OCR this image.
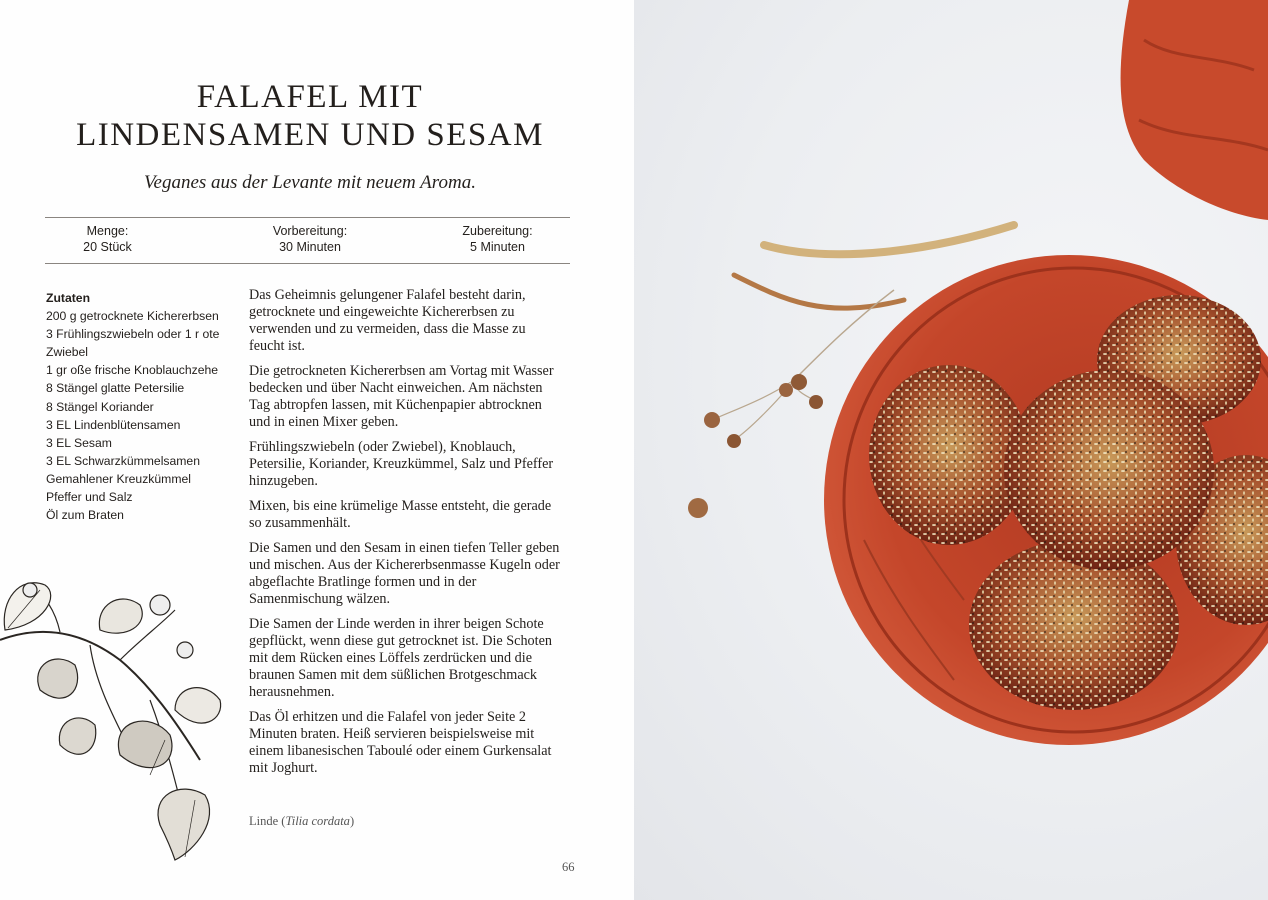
FALAFEL MIT
LINDENSAMEN UND SESAM
Veganes aus der Levante mit neuem Aroma.
Menge:
20 Stück
Vorbereitung:
30 Minuten
Zubereitung:
5 Minuten
Zutaten
200 g getrocknete Kichererbsen
3 Frühlingszwiebeln oder 1 r ote Zwiebel
1 gr oße frische Knoblauchzehe
8 Stängel glatte Petersilie
8 Stängel Koriander
3 EL Lindenblütensamen
3 EL Sesam
3 EL Schwarzkümmelsamen
Gemahlener Kreuzkümmel
Pfeffer und Salz
Öl zum Braten

Das Geheimnis gelungener Falafel besteht darin, getrocknete und eingeweichte Kichererbsen zu verwenden und zu vermeiden, dass die Masse zu feucht ist.

Die getrockneten Kichererbsen am Vortag mit Wasser bedecken und über Nacht einweichen. Am nächsten Tag abtropfen lassen, mit Küchenpapier abtrocknen und in einen Mixer geben.

Frühlingszwiebeln (oder Zwiebel), Knoblauch, Petersilie, Koriander, Kreuzkümmel, Salz und Pfeffer hinzugeben.

Mixen, bis eine krümelige Masse entsteht, die gerade so zusammenhält.

Die Samen und den Sesam in einen tiefen Teller geben und mischen. Aus der Kichererbsenmasse Kugeln oder abgeflachte Bratlinge formen und in der Samenmischung wälzen.

Die Samen der Linde werden in ihrer beigen Schote gepflückt, wenn diese gut getrocknet ist. Die Schoten mit dem Rücken eines Löffels zerdrücken und die braunen Samen mit dem süßlichen Brotgeschmack herausnehmen.

Das Öl erhitzen und die Falafel von jeder Seite 2 Minuten braten. Heiß servieren beispielsweise mit einem libanesischen Taboulé oder einem Gurkensalat mit Joghurt.

Linde (Tilia cordata)
66
